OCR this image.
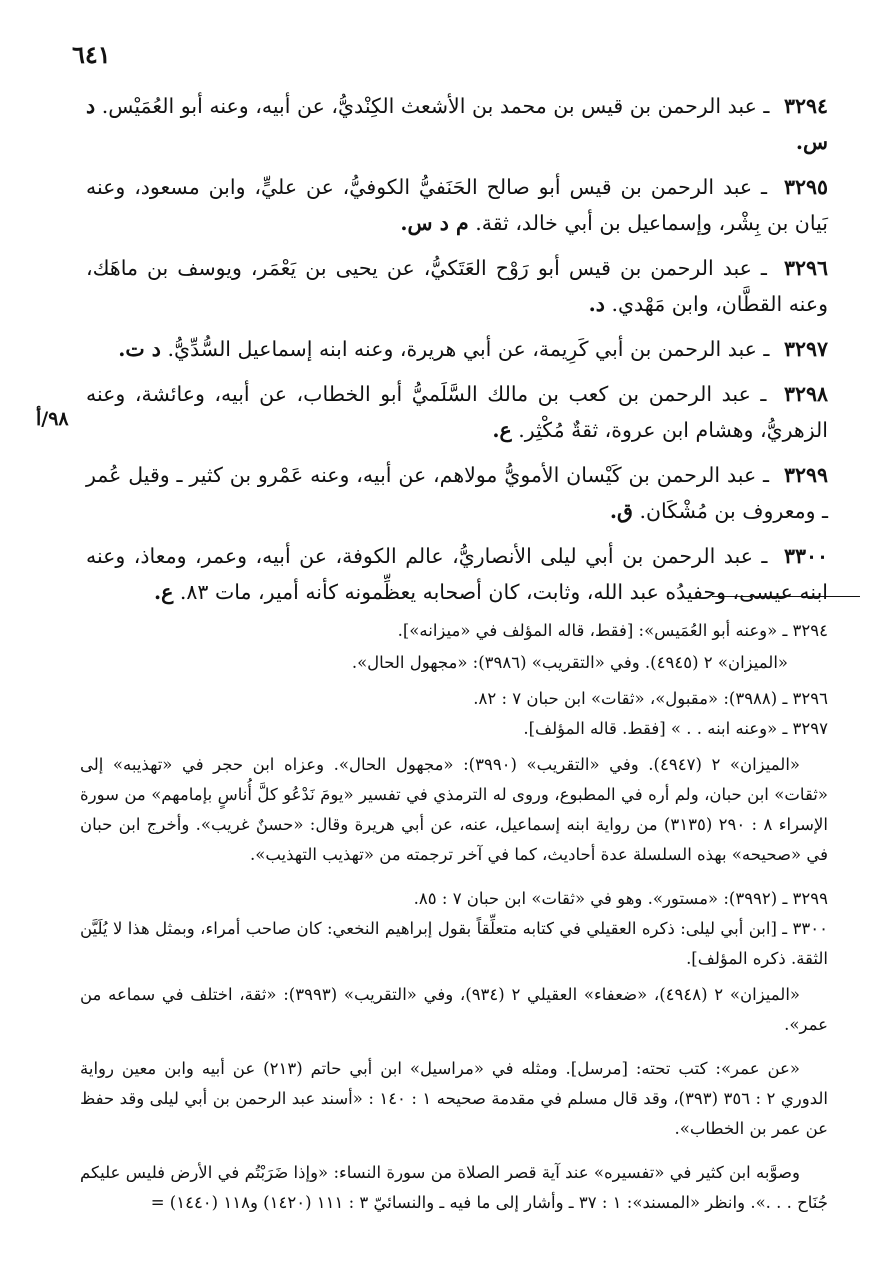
٦٤١

٣٢٩٤ ـ عبد الرحمن بن قيس بن محمد بن الأشعث الكِنْديُّ، عن أبيه، وعنه أبو العُمَيْس. د س.

٣٢٩٥ ـ عبد الرحمن بن قيس أبو صالح الحَنَفيُّ الكوفيُّ، عن عليٍّ، وابن مسعود، وعنه بَيان بن بِشْر، وإسماعيل بن أبي خالد، ثقة. م د س.

٣٢٩٦ ـ عبد الرحمن بن قيس أبو رَوْح العَتَكيُّ، عن يحيى بن يَعْمَر، ويوسف بن ماهَك، وعنه القطَّان، وابن مَهْدي. د.

٣٢٩٧ ـ عبد الرحمن بن أبي كَرِيمة، عن أبي هريرة، وعنه ابنه إسماعيل السُّدِّيُّ. د ت.

٣٢٩٨ ـ عبد الرحمن بن كعب بن مالك السَّلَميُّ أبو الخطاب، عن أبيه، وعائشة، وعنه الزهريُّ، وهشام ابن عروة، ثقةٌ مُكْثِر. ع.

٣٢٩٩ ـ عبد الرحمن بن كَيْسان الأمويُّ مولاهم، عن أبيه، وعنه عَمْرو بن كثير ـ وقيل عُمر ـ ومعروف بن مُشْكَان. ق.

٣٣٠٠ ـ عبد الرحمن بن أبي ليلى الأنصاريُّ، عالم الكوفة، عن أبيه، وعمر، ومعاذ، وعنه ابنه عيسى، وحفيدُه عبد الله، وثابت، كان أصحابه يعظِّمونه كأنه أمير، مات ٨٣. ع.

٩٨/أ

٣٢٩٤ ـ «وعنه أبو العُمَيس»: [فقط، قاله المؤلف في «ميزانه»].

«الميزان» ٢ (٤٩٤٥). وفي «التقريب» (٣٩٨٦): «مجهول الحال».

٣٢٩٦ ـ (٣٩٨٨): «مقبول»، «ثقات» ابن حبان ٧ : ٨٢.

٣٢٩٧ ـ «وعنه ابنه . . » [فقط. قاله المؤلف].

«الميزان» ٢ (٤٩٤٧). وفي «التقريب» (٣٩٩٠): «مجهول الحال». وعزاه ابن حجر في «تهذيبه» إلى «ثقات» ابن حبان، ولم أره في المطبوع، وروى له الترمذي في تفسير «يومَ نَدْعُو كلَّ أُناسٍ بإمامهم» من سورة الإسراء ٨ : ٢٩٠ (٣١٣٥) من رواية ابنه إسماعيل، عنه، عن أبي هريرة وقال: «حسنٌ غريب». وأخرج ابن حبان في «صحيحه» بهذه السلسلة عدة أحاديث، كما في آخر ترجمته من «تهذيب التهذيب».

٣٢٩٩ ـ (٣٩٩٢): «مستور». وهو في «ثقات» ابن حبان ٧ : ٨٥.

٣٣٠٠ ـ [ابن أبي ليلى: ذكره العقيلي في كتابه متعلِّقاً بقول إبراهيم النخعي: كان صاحب أمراء، وبمثل هذا لا يُلَيَّن الثقة. ذكره المؤلف].

«الميزان» ٢ (٤٩٤٨)، «ضعفاء» العقيلي ٢ (٩٣٤)، وفي «التقريب» (٣٩٩٣): «ثقة، اختلف في سماعه من عمر».

«عن عمر»: كتب تحته: [مرسل]. ومثله في «مراسيل» ابن أبي حاتم (٢١٣) عن أبيه وابن معين رواية الدوري ٢ : ٣٥٦ (٣٩٣)، وقد قال مسلم في مقدمة صحيحه ١ : ١٤٠ : «أسند عبد الرحمن بن أبي ليلى وقد حفظ عن عمر بن الخطاب».

وصوَّبه ابن كثير في «تفسيره» عند آية قصر الصلاة من سورة النساء: «وإذا ضَرَبْتُم في الأرض فليس عليكم جُنَاح . . .». وانظر «المسند»: ١ : ٣٧ ـ وأشار إلى ما فيه ـ والنسائيّ ٣ : ١١١ (١٤٢٠) و١١٨ (١٤٤٠) =
